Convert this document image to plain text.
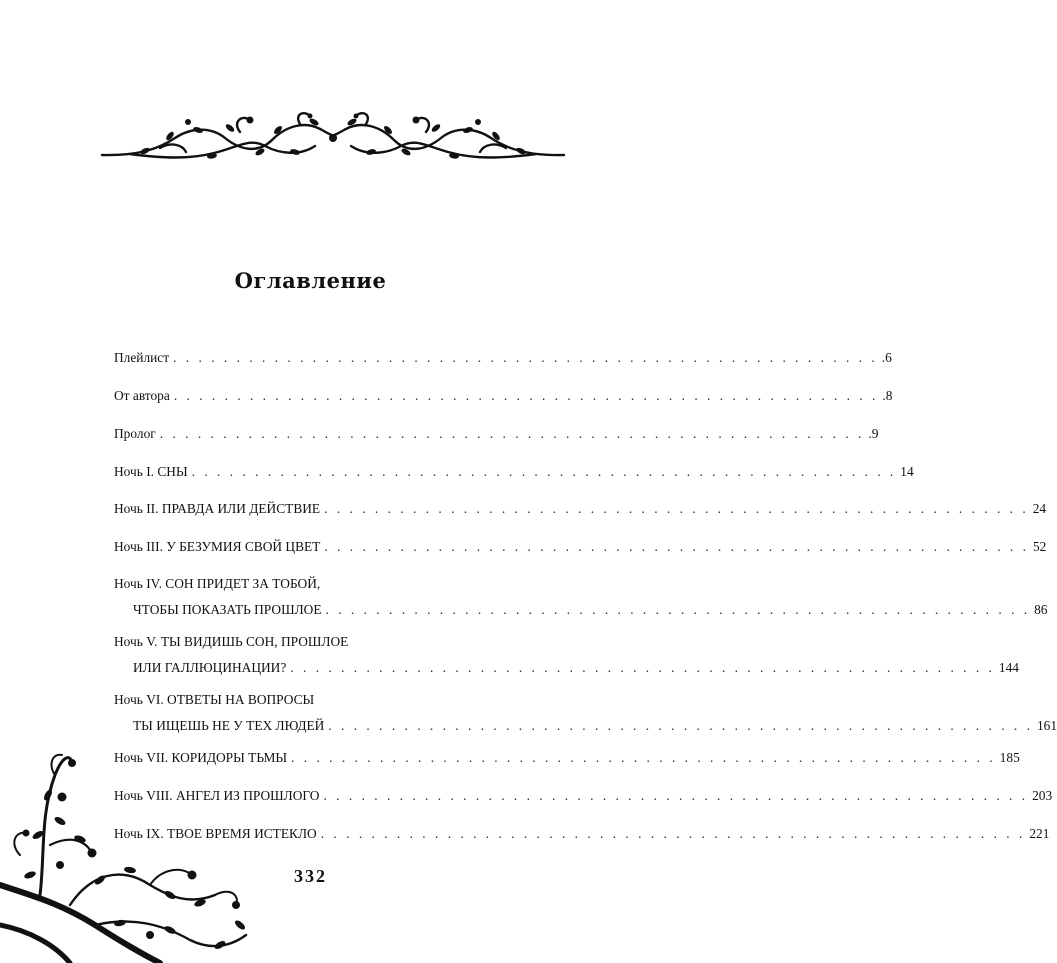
Оглавление
Плейлист . . . . . . . . . . . . . . . . . . . . . . . . . . . . . . . . . . . . . . . . . . . . . . . . . . . . . . . . .6
От автора . . . . . . . . . . . . . . . . . . . . . . . . . . . . . . . . . . . . . . . . . . . . . . . . . . . . . . . . .8
Пролог . . . . . . . . . . . . . . . . . . . . . . . . . . . . . . . . . . . . . . . . . . . . . . . . . . . . . . . . .9
Ночь I. СНЫ . . . . . . . . . . . . . . . . . . . . . . . . . . . . . . . . . . . . . . . . . . . . . . . . . . . . . . . . 14
Ночь II. ПРАВДА ИЛИ ДЕЙСТВИЕ . . . . . . . . . . . . . . . . . . . . . . . . . . . . . . . . . . . . . . . . . . . . . . . . . . . . . . . . 24
Ночь III. У БЕЗУМИЯ СВОЙ ЦВЕТ . . . . . . . . . . . . . . . . . . . . . . . . . . . . . . . . . . . . . . . . . . . . . . . . . . . . . . . . 52
Ночь IV. СОН ПРИДЕТ ЗА ТОБОЙ,
ЧТОБЫ ПОКАЗАТЬ ПРОШЛОЕ . . . . . . . . . . . . . . . . . . . . . . . . . . . . . . . . . . . . . . . . . . . . . . . . . . . . . . . . 86
Ночь V. ТЫ ВИДИШЬ СОН, ПРОШЛОЕ
ИЛИ ГАЛЛЮЦИНАЦИИ? . . . . . . . . . . . . . . . . . . . . . . . . . . . . . . . . . . . . . . . . . . . . . . . . . . . . . . . . 144
Ночь VI. ОТВЕТЫ НА ВОПРОСЫ
ТЫ ИЩЕШЬ НЕ У ТЕХ ЛЮДЕЙ . . . . . . . . . . . . . . . . . . . . . . . . . . . . . . . . . . . . . . . . . . . . . . . . . . . . . . . . 161
Ночь VII. КОРИДОРЫ ТЬМЫ . . . . . . . . . . . . . . . . . . . . . . . . . . . . . . . . . . . . . . . . . . . . . . . . . . . . . . . . 185
Ночь VIII. АНГЕЛ ИЗ ПРОШЛОГО . . . . . . . . . . . . . . . . . . . . . . . . . . . . . . . . . . . . . . . . . . . . . . . . . . . . . . . . 203
Ночь IX. ТВОЕ ВРЕМЯ ИСТЕКЛО . . . . . . . . . . . . . . . . . . . . . . . . . . . . . . . . . . . . . . . . . . . . . . . . . . . . . . . . 221
332
